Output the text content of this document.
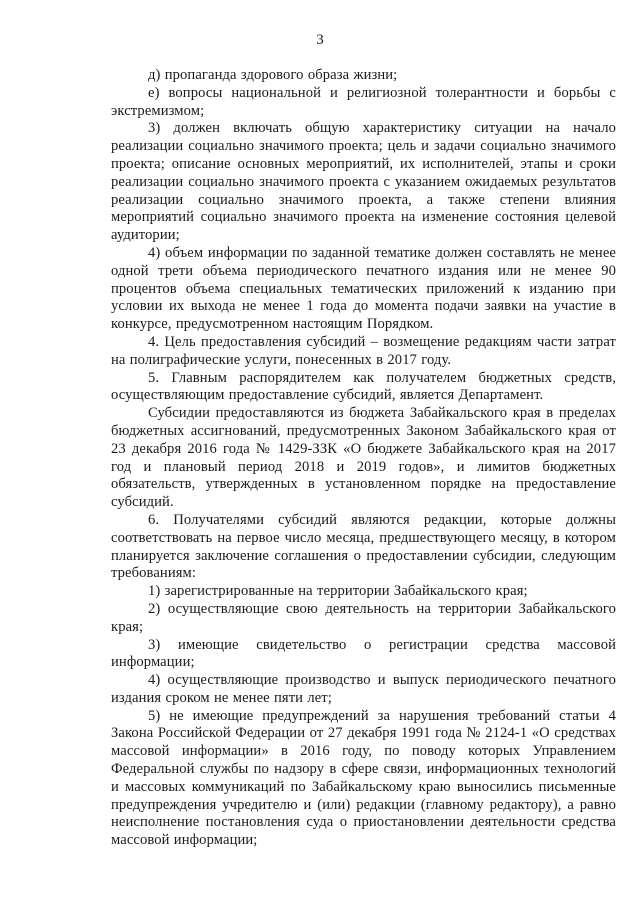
3

д) пропаганда здорового образа жизни;

е) вопросы национальной и религиозной толерантности и борьбы с экстремизмом;

3) должен включать общую характеристику ситуации на начало реализации социально значимого проекта; цель и задачи социально значимого проекта; описание основных мероприятий, их исполнителей, этапы и сроки реализации социально значимого проекта с указанием ожидаемых результатов реализации социально значимого проекта, а также степени влияния мероприятий социально значимого проекта на изменение состояния целевой аудитории;

4) объем информации по заданной тематике должен составлять не менее одной трети объема периодического печатного издания или не менее 90 процентов объема специальных тематических приложений к изданию при условии их выхода не менее 1 года до момента подачи заявки на участие в конкурсе, предусмотренном настоящим Порядком.

4. Цель предоставления субсидий – возмещение редакциям части затрат на полиграфические услуги, понесенных в 2017 году.

5. Главным распорядителем как получателем бюджетных средств, осуществляющим предоставление субсидий, является Департамент.

Субсидии предоставляются из бюджета Забайкальского края в пределах бюджетных ассигнований, предусмотренных Законом Забайкальского края от 23 декабря 2016 года № 1429-ЗЗК «О бюджете Забайкальского края на 2017 год и плановый период 2018 и 2019 годов», и лимитов бюджетных обязательств, утвержденных в установленном порядке на предоставление субсидий.

6. Получателями субсидий являются редакции, которые должны соответствовать на первое число месяца, предшествующего месяцу, в котором планируется заключение соглашения о предоставлении субсидии, следующим требованиям:

1) зарегистрированные на территории Забайкальского края;

2) осуществляющие свою деятельность на территории Забайкальского края;

3) имеющие свидетельство о регистрации средства массовой информации;

4) осуществляющие производство и выпуск периодического печатного издания сроком не менее пяти лет;

5) не имеющие предупреждений за нарушения требований статьи 4 Закона Российской Федерации от 27 декабря 1991 года № 2124-1 «О средствах массовой информации» в 2016 году, по поводу которых Управлением Федеральной службы по надзору в сфере связи, информационных технологий и массовых коммуникаций по Забайкальскому краю выносились письменные предупреждения учредителю и (или) редакции (главному редактору), а равно неисполнение постановления суда о приостановлении деятельности средства массовой информации;
